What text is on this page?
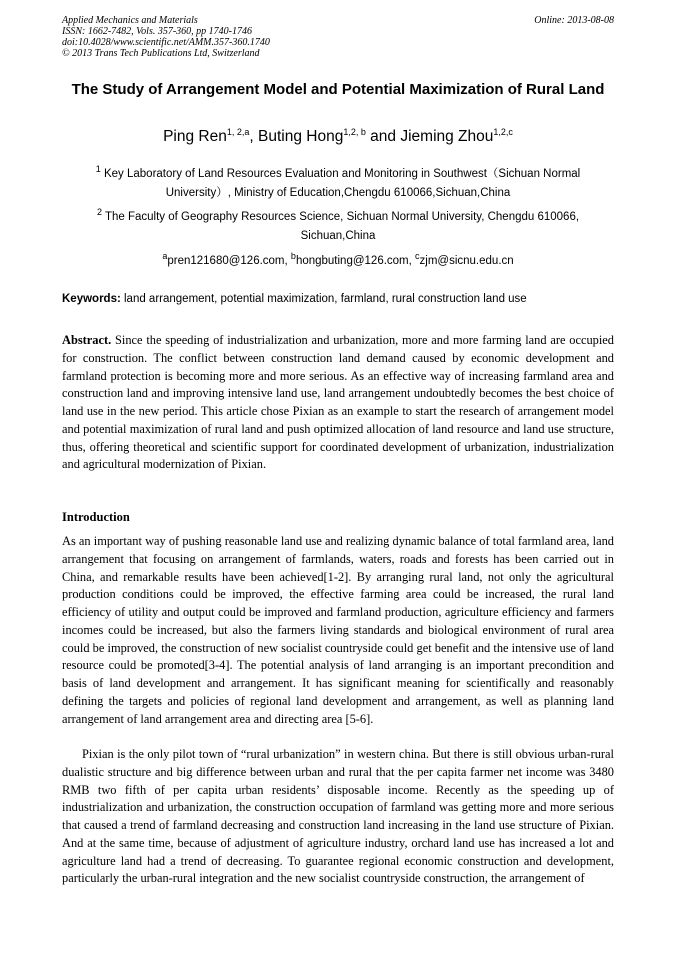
Applied Mechanics and Materials
ISSN: 1662-7482, Vols. 357-360, pp 1740-1746
doi:10.4028/www.scientific.net/AMM.357-360.1740
© 2013 Trans Tech Publications Ltd, Switzerland
Online: 2013-08-08
The Study of Arrangement Model and Potential Maximization of Rural Land
Ping Ren$^{1, 2,a}$, Buting Hong$^{1,2, b}$ and Jieming Zhou$^{1,2,c}$
$^1$ Key Laboratory of Land Resources Evaluation and Monitoring in Southwest（Sichuan Normal University）, Ministry of Education,Chengdu 610066,Sichuan,China
$^2$ The Faculty of Geography Resources Science, Sichuan Normal University, Chengdu 610066, Sichuan,China
$^a$pren121680@126.com, $^b$hongbuting@126.com, $^c$zjm@sicnu.edu.cn
Keywords: land arrangement, potential maximization, farmland, rural construction land use
Abstract. Since the speeding of industrialization and urbanization, more and more farming land are occupied for construction. The conflict between construction land demand caused by economic development and farmland protection is becoming more and more serious. As an effective way of increasing farmland area and construction land and improving intensive land use, land arrangement undoubtedly becomes the best choice of land use in the new period. This article chose Pixian as an example to start the research of arrangement model and potential maximization of rural land and push optimized allocation of land resource and land use structure, thus, offering theoretical and scientific support for coordinated development of urbanization, industrialization and agricultural modernization of Pixian.
Introduction
As an important way of pushing reasonable land use and realizing dynamic balance of total farmland area, land arrangement that focusing on arrangement of farmlands, waters, roads and forests has been carried out in China, and remarkable results have been achieved[1-2]. By arranging rural land, not only the agricultural production conditions could be improved, the effective farming area could be increased, the rural land efficiency of utility and output could be improved and farmland production, agriculture efficiency and farmers incomes could be increased, but also the farmers living standards and biological environment of rural area could be improved, the construction of new socialist countryside could get benefit and the intensive use of land resource could be promoted[3-4]. The potential analysis of land arranging is an important precondition and basis of land development and arrangement. It has significant meaning for scientifically and reasonably defining the targets and policies of regional land development and arrangement, as well as planning land arrangement of land arrangement area and directing area [5-6].
Pixian is the only pilot town of “rural urbanization” in western china. But there is still obvious urban-rural dualistic structure and big difference between urban and rural that the per capita farmer net income was 3480 RMB two fifth of per capita urban residents’ disposable income. Recently as the speeding up of industrialization and urbanization, the construction occupation of farmland was getting more and more serious that caused a trend of farmland decreasing and construction land increasing in the land use structure of Pixian. And at the same time, because of adjustment of agriculture industry, orchard land use has increased a lot and agriculture land had a trend of decreasing. To guarantee regional economic construction and development, particularly the urban-rural integration and the new socialist countryside construction, the arrangement of
